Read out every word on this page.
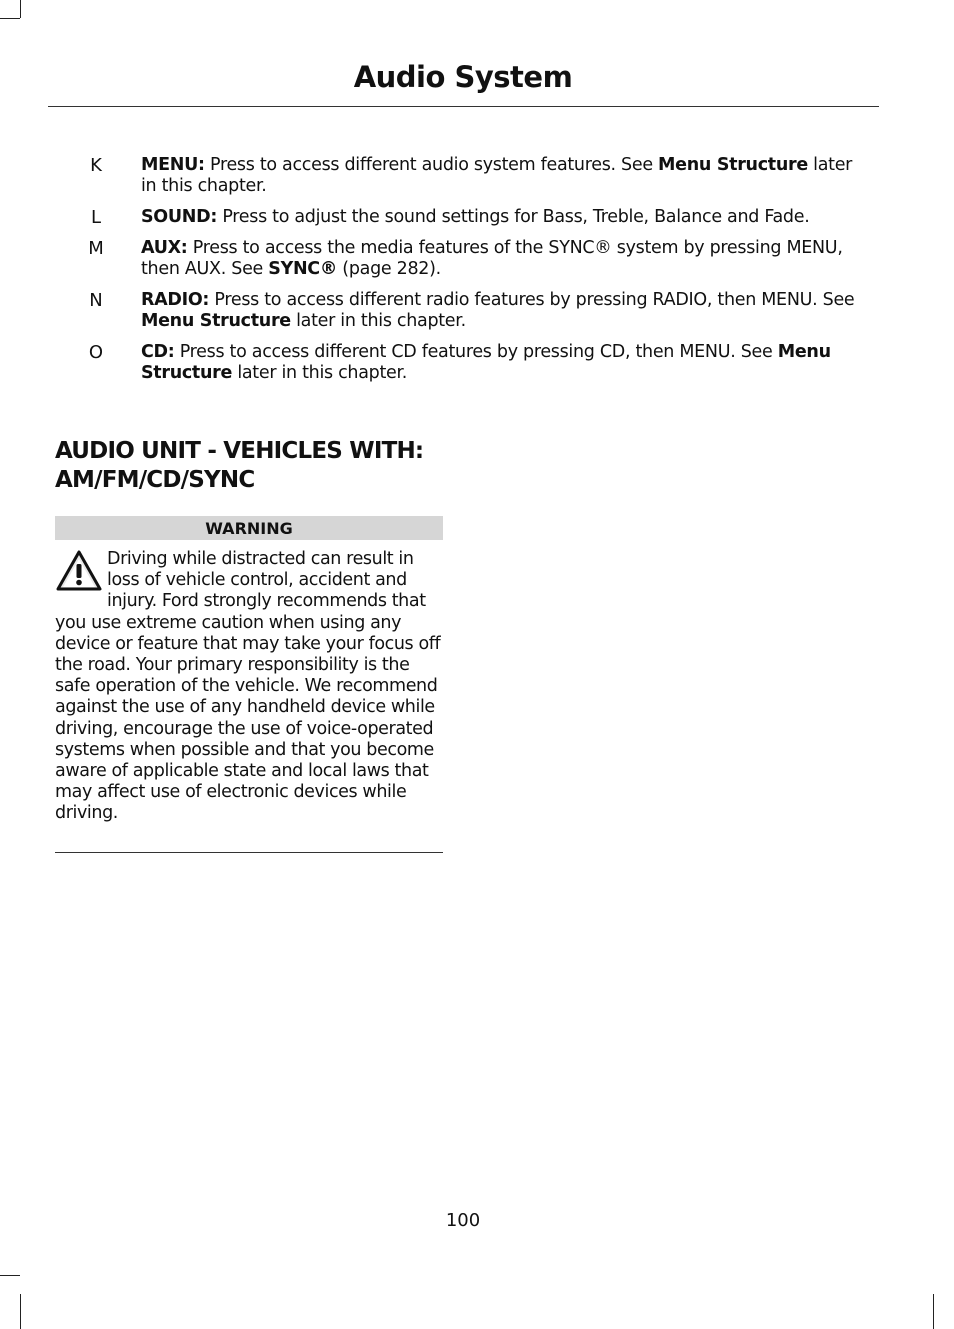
Audio System
K MENU: Press to access different audio system features. See Menu Structure later in this chapter.
L SOUND: Press to adjust the sound settings for Bass, Treble, Balance and Fade.
M AUX: Press to access the media features of the SYNC® system by pressing MENU, then AUX. See SYNC® (page 282).
N RADIO: Press to access different radio features by pressing RADIO, then MENU. See Menu Structure later in this chapter.
O CD: Press to access different CD features by pressing CD, then MENU. See Menu Structure later in this chapter.
AUDIO UNIT - VEHICLES WITH:
AM/FM/CD/SYNC
WARNING
Driving while distracted can result in loss of vehicle control, accident and injury. Ford strongly recommends that you use extreme caution when using any device or feature that may take your focus off the road. Your primary responsibility is the safe operation of the vehicle. We recommend against the use of any handheld device while driving, encourage the use of voice-operated systems when possible and that you become aware of applicable state and local laws that may affect use of electronic devices while driving.
100
